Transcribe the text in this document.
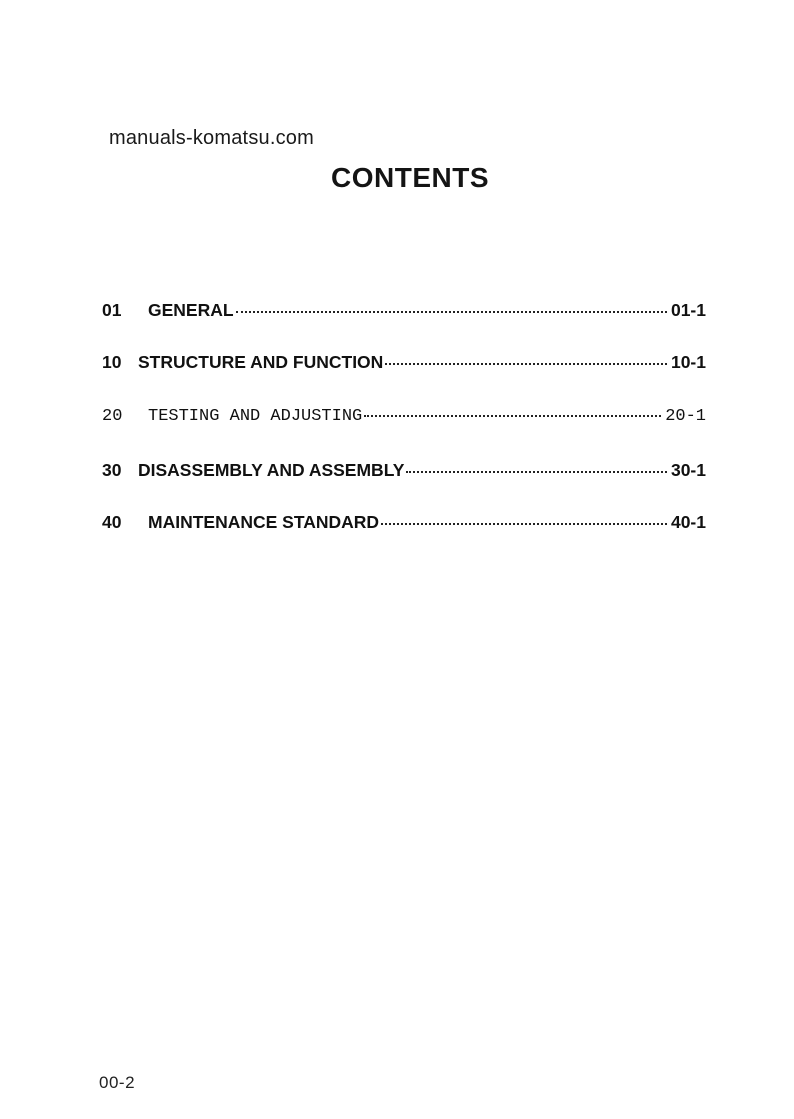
manuals-komatsu.com
CONTENTS
01	GENERAL	01-1
10 STRUCTURE AND FUNCTION	10-1
20	TESTING AND ADJUSTING	20-1
30 DISASSEMBLY AND ASSEMBLY	30-1
40	MAINTENANCE STANDARD	40-1
00-2
